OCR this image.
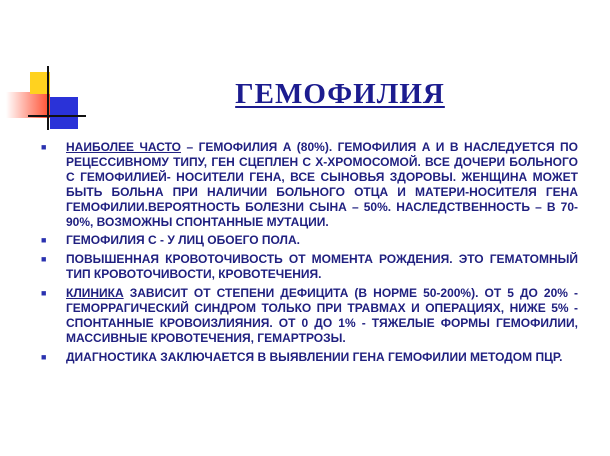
ГЕМОФИЛИЯ
■ НАИБОЛЕЕ ЧАСТО – ГЕМОФИЛИЯ А (80%). ГЕМОФИЛИЯ А И В НАСЛЕДУЕТСЯ ПО РЕЦЕССИВНОМУ ТИПУ, ГЕН СЦЕПЛЕН С Х-ХРОМОСОМОЙ. ВСЕ ДОЧЕРИ БОЛЬНОГО С ГЕМОФИЛИЕЙ- НОСИТЕЛИ ГЕНА, ВСЕ СЫНОВЬЯ ЗДОРОВЫ. ЖЕНЩИНА МОЖЕТ БЫТЬ БОЛЬНА ПРИ НАЛИЧИИ БОЛЬНОГО ОТЦА И МАТЕРИ-НОСИТЕЛЯ ГЕНА ГЕМОФИЛИИ.ВЕРОЯТНОСТЬ БОЛЕЗНИ СЫНА – 50%. НАСЛЕДСТВЕННОСТЬ – В 70-90%, ВОЗМОЖНЫ СПОНТАННЫЕ МУТАЦИИ.
■ ГЕМОФИЛИЯ С - У ЛИЦ ОБОЕГО ПОЛА.
■ ПОВЫШЕННАЯ КРОВОТОЧИВОСТЬ ОТ МОМЕНТА РОЖДЕНИЯ. ЭТО ГЕМАТОМНЫЙ ТИП КРОВОТОЧИВОСТИ, КРОВОТЕЧЕНИЯ.
■ КЛИНИКА ЗАВИСИТ ОТ СТЕПЕНИ ДЕФИЦИТА (В НОРМЕ 50-200%). ОТ 5 ДО 20% - ГЕМОРРАГИЧЕСКИЙ СИНДРОМ ТОЛЬКО ПРИ ТРАВМАХ И ОПЕРАЦИЯХ, НИЖЕ 5% - СПОНТАННЫЕ КРОВОИЗЛИЯНИЯ. ОТ 0 ДО 1% - ТЯЖЕЛЫЕ ФОРМЫ ГЕМОФИЛИИ, МАССИВНЫЕ КРОВОТЕЧЕНИЯ, ГЕМАРТРОЗЫ.
■ ДИАГНОСТИКА ЗАКЛЮЧАЕТСЯ В ВЫЯВЛЕНИИ ГЕНА ГЕМОФИЛИИ МЕТОДОМ ПЦР.
